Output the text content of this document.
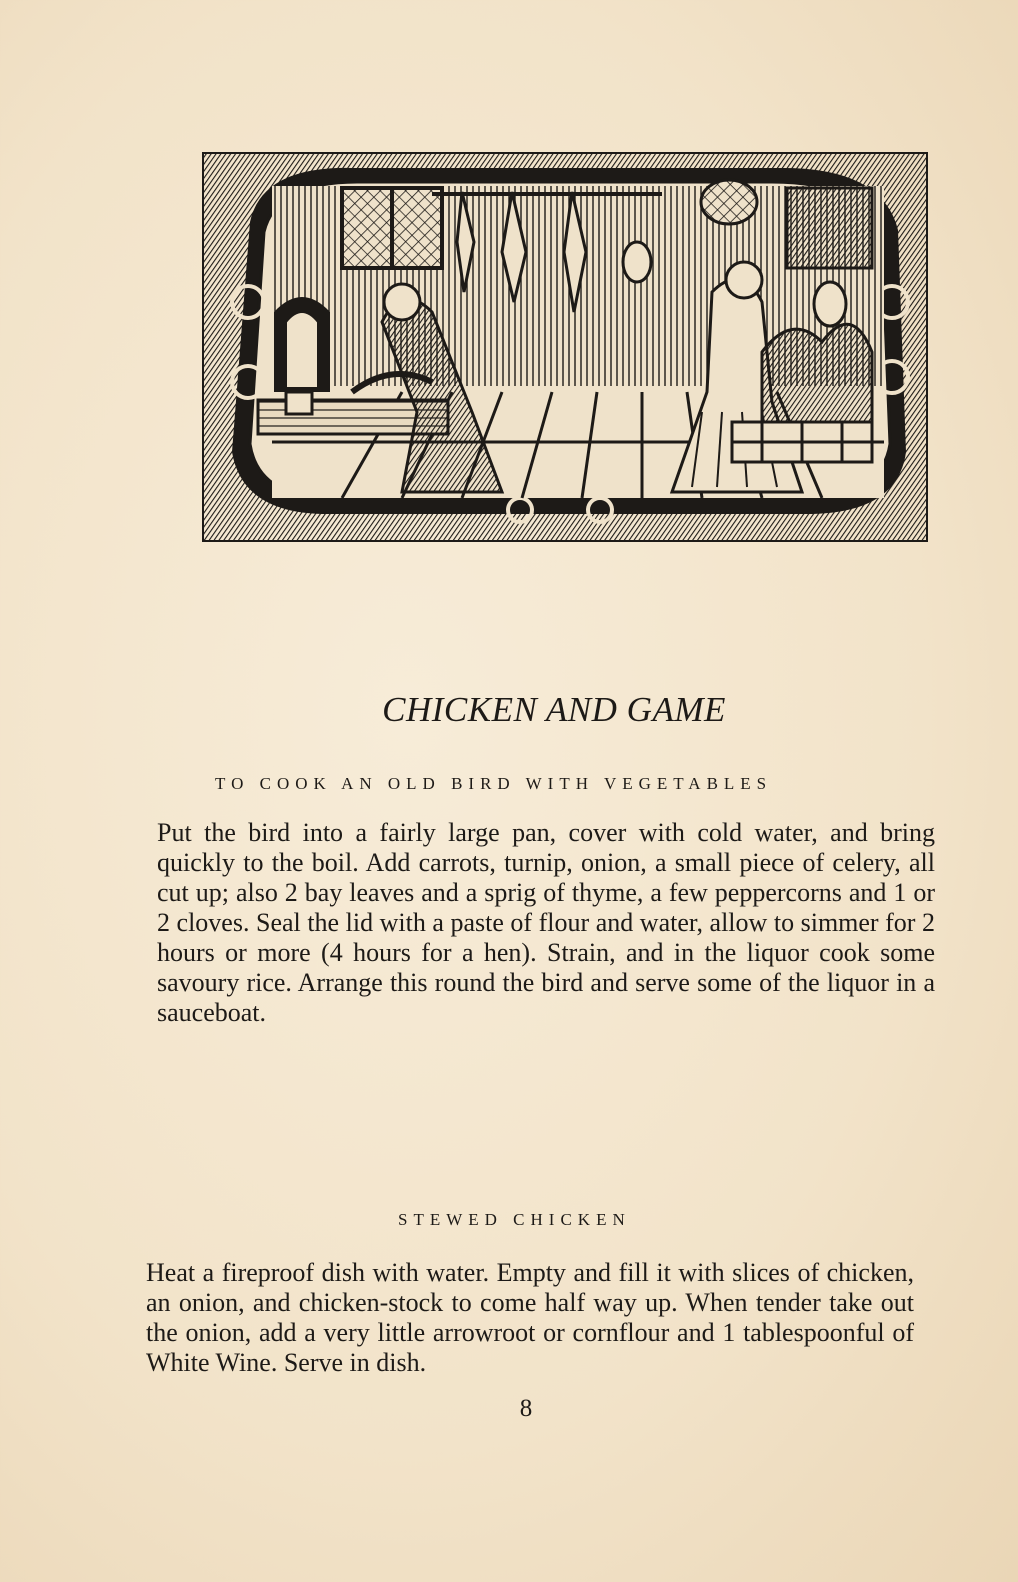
CHICKEN AND GAME
TO COOK AN OLD BIRD WITH VEGETABLES

Put the bird into a fairly large pan, cover with cold water, and bring quickly to the boil. Add carrots, turnip, onion, a small piece of celery, all cut up; also 2 bay leaves and a sprig of thyme, a few peppercorns and 1 or 2 cloves. Seal the lid with a paste of flour and water, allow to simmer for 2 hours or more (4 hours for a hen). Strain, and in the liquor cook some savoury rice. Arrange this round the bird and serve some of the liquor in a sauceboat.

STEWED CHICKEN

Heat a fireproof dish with water. Empty and fill it with slices of chicken, an onion, and chicken-stock to come half way up. When tender take out the onion, add a very little arrowroot or cornflour and 1 tablespoonful of White Wine. Serve in dish.

8
